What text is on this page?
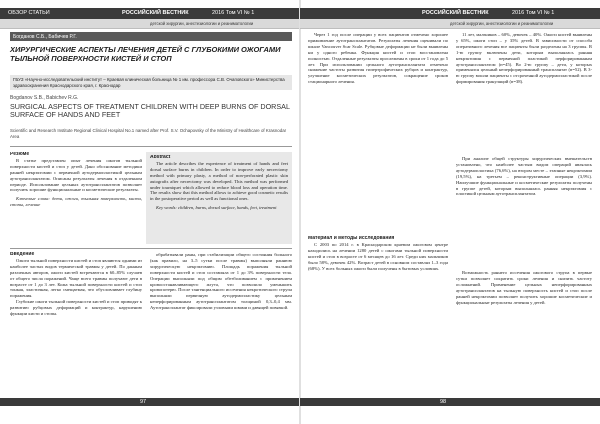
ОБЗОР СТАТЬИ	РОССИЙСКИЙ ВЕСТНИК	2016 Том VI № 1
детской хирургии, анестезиологии и реаниматологии
Богданов С.Б., Бабичев Р.Г.
ХИРУРГИЧЕСКИЕ АСПЕКТЫ ЛЕЧЕНИЯ ДЕТЕЙ С ГЛУБОКИМИ ОЖОГАМИ ТЫЛЬНОЙ ПОВЕРХНОСТИ КИСТЕЙ И СТОП
ГБУЗ «Научно-исследовательский институт – Краевая клиническая больница № 1 им. профессора С.В. Очаповского» Министерства здравоохранения Краснодарского края, г. Краснодар
Bogdanov S.B., Babichev R.G.
SURGICAL ASPECTS OF TREATMENT CHILDREN WITH DEEP BURNS OF DORSAL SURFACE OF HANDS AND FEET
Scientific and Research Institute Regional Clinical Hospital No.1 named after Prof. S.V. Ochapovsky of the Ministry of Healthcare of Krasnodar Area

Резюме

В статье представлен опыт лечения ожогов тыльной поверхности кистей и стоп у детей. Дано обоснование методики ранней некрэктомии с первичной аутодермопластикой цельным аутотрансплантатом. Описаны результаты лечения в отдаленном периоде. Использование цельных аутотрансплантатов позволяет получить хорошие функциональные и косметические результаты.

Ключевые слова: дети, ожоги, тыльная поверхность, кисти, стопы, лечение

Abstract

The article describes the experience of treatment of hands and feet dorsal surface burns in children. In order to improve early necrectomy method with primary plasty, a method of non-perforated plastic skin autografts after necrectomy was developed. This method was performed under tourniquet which allowed to reduce blood loss and operation time. The results show that this method allows to achieve good cosmetic results in the postoperative period as well as functional ones.

Key words: children, burns, dorsal surface, hands, feet, treatment

Введение

Ожоги тыльной поверхности кистей и стоп являются одними из наиболее частых видов термической травмы у детей. По данным различных авторов, ожоги кистей встречаются в 60–85% случаев от общего числа поражений. Чаще всего травмы получают дети в возрасте от 1 до 3 лет. Кожа тыльной поверхности кистей и стоп тонкая, эластичная, легко смещаемая, что обусловливает глубину поражения.

Глубокие ожоги тыльной поверхности кистей и стоп приводят к развитию рубцовых деформаций и контрактур, нарушению функции кисти и стопы.

обрабатывали раны, при стабилизации общего состояния больного (как правило, на 3–5 сутки после травмы) выполняли раннюю хирургическую некрэктомию. Площадь поражения тыльной поверхности кистей и стоп составляла от 1 до 3% поверхности тела. Операции выполняли под общим обезболиванием с применением кровоостанавливающего жгута, что позволило уменьшить кровопотерю. После тангенциального иссечения некротического струпа выполняли первичную аутодермопластику цельным неперфорированным аутотрансплантатом толщиной 0,3–0,4 мм. Аутотрансплантат фиксировали узловыми швами и давящей повязкой.

97
РОССИЙСКИЙ ВЕСТНИК	2016 Том VI № 1
детской хирургии, анестезиологии и реаниматологии

Через 1 год после операции у всех пациентов отмечено хорошее приживление аутотрансплантатов. Результаты лечения оценивали по шкале Vancouver Scar Scale. Рубцовые деформации не были выявлены ни у одного ребенка. Функция кистей и стоп восстановлена полностью. Отдаленные результаты прослежены в сроки от 1 года до 5 лет. При использовании цельного аутотрансплантата отмечено снижение частоты развития гипертрофических рубцов и контрактур, улучшение косметических результатов, сокращение сроков стационарного лечения.

Материал и методы исследования

С 2003 по 2014 г. в Краснодарском краевом ожоговом центре находились на лечении 1280 детей с ожогами тыльной поверхности кистей и стоп в возрасте от 6 месяцев до 16 лет. Среди них мальчиков было 58%, девочек 42%. Возраст детей в основном составлял 1–3 года (68%). У всех больных ожоги были получены в бытовых условиях.

11 лет, мальчиков – 60%, девочек – 40%. Ожоги кистей выявлены у 65%, ожоги стоп – у 35% детей. В зависимости от способа оперативного лечения все пациенты были разделены на 3 группы. В 1-ю группу включены дети, которым выполнялась ранняя некрэктомия с первичной пластикой перфорированным аутотрансплантатом (n=45). Во 2-ю группу – дети, у которых применялся цельный неперфорированный трансплантат (n=52). В 3-ю группу вошли пациенты с отсроченной аутодермопластикой после формирования грануляций (n=38).

При анализе общей структуры хирургических вмешательств установлено, что наиболее частым видом операций являлась аутодермопластика (76,6%), на втором месте – этапные некрэктомии (19,5%), на третьем – реконструктивные операции (3,9%). Наилучшие функциональные и косметические результаты получены в группе детей, которым выполнялась ранняя некрэктомия с пластикой цельным аутотрансплантатом.

Возможность раннего иссечения ожогового струпа в первые сутки позволяет сократить сроки лечения и снизить частоту осложнений. Применение цельных неперфорированных аутотрансплантатов на тыльную поверхность кистей и стоп после ранней некрэктомии позволяет получить хорошие косметические и функциональные результаты лечения у детей.

98
